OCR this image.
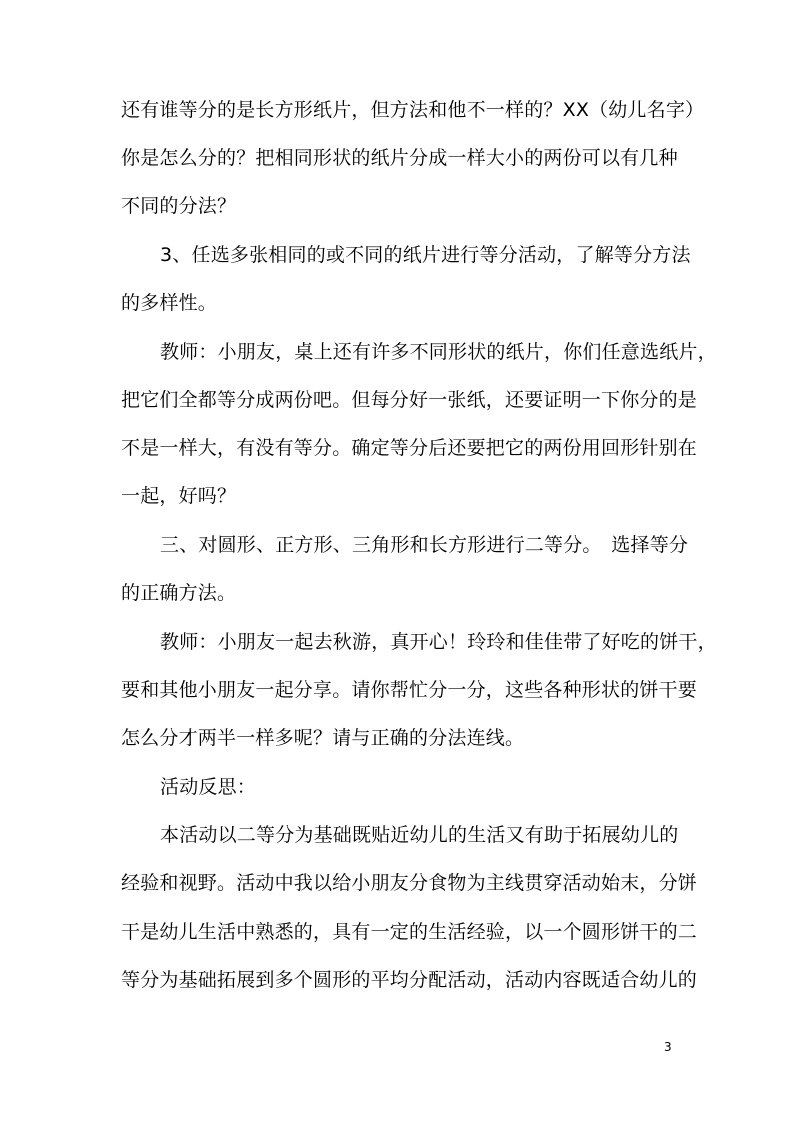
还有谁等分的是长方形纸片，但方法和他不一样的？XX（幼儿名字）
你是怎么分的？把相同形状的纸片分成一样大小的两份可以有几种
不同的分法？
3、任选多张相同的或不同的纸片进行等分活动，了解等分方法
的多样性。
教师：小朋友，桌上还有许多不同形状的纸片，你们任意选纸片，
把它们全都等分成两份吧。但每分好一张纸，还要证明一下你分的是
不是一样大，有没有等分。确定等分后还要把它的两份用回形针别在
一起，好吗？
三、对圆形、正方形、三角形和长方形进行二等分。　选择等分
的正确方法。
教师：小朋友一起去秋游，真开心！玲玲和佳佳带了好吃的饼干，
要和其他小朋友一起分享。请你帮忙分一分，这些各种形状的饼干要
怎么分才两半一样多呢？请与正确的分法连线。
活动反思：
本活动以二等分为基础既贴近幼儿的生活又有助于拓展幼儿的
经验和视野。活动中我以给小朋友分食物为主线贯穿活动始末，分饼
干是幼儿生活中熟悉的，具有一定的生活经验，以一个圆形饼干的二
等分为基础拓展到多个圆形的平均分配活动，活动内容既适合幼儿的
3
